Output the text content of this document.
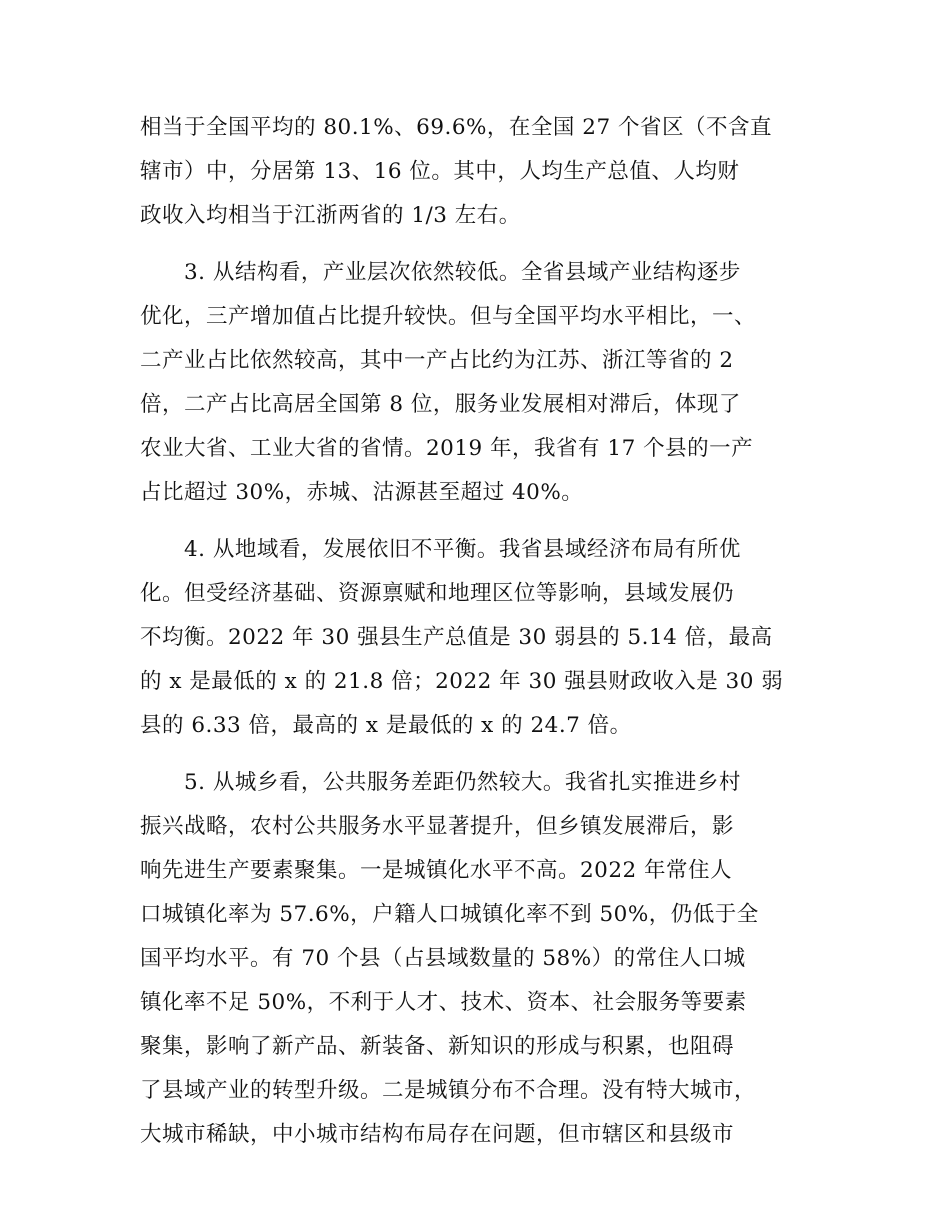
相当于全国平均的 80.1%、69.6%，在全国 27 个省区（不含直
辖市）中，分居第 13、16 位。其中，人均生产总值、人均财
政收入均相当于江浙两省的 1/3 左右。
3. 从结构看，产业层次依然较低。全省县域产业结构逐步
优化，三产增加值占比提升较快。但与全国平均水平相比，一、
二产业占比依然较高，其中一产占比约为江苏、浙江等省的 2
倍，二产占比高居全国第 8 位，服务业发展相对滞后，体现了
农业大省、工业大省的省情。2019 年，我省有 17 个县的一产
占比超过 30%，赤城、沽源甚至超过 40%。
4. 从地域看，发展依旧不平衡。我省县域经济布局有所优
化。但受经济基础、资源禀赋和地理区位等影响，县域发展仍
不均衡。2022 年 30 强县生产总值是 30 弱县的 5.14 倍，最高
的 x 是最低的 x 的 21.8 倍；2022 年 30 强县财政收入是 30 弱
县的 6.33 倍，最高的 x 是最低的 x 的 24.7 倍。
5. 从城乡看，公共服务差距仍然较大。我省扎实推进乡村
振兴战略，农村公共服务水平显著提升，但乡镇发展滞后，影
响先进生产要素聚集。一是城镇化水平不高。2022 年常住人
口城镇化率为 57.6%，户籍人口城镇化率不到 50%，仍低于全
国平均水平。有 70 个县（占县域数量的 58%）的常住人口城
镇化率不足 50%，不利于人才、技术、资本、社会服务等要素
聚集，影响了新产品、新装备、新知识的形成与积累，也阻碍
了县域产业的转型升级。二是城镇分布不合理。没有特大城市，
大城市稀缺，中小城市结构布局存在问题，但市辖区和县级市
